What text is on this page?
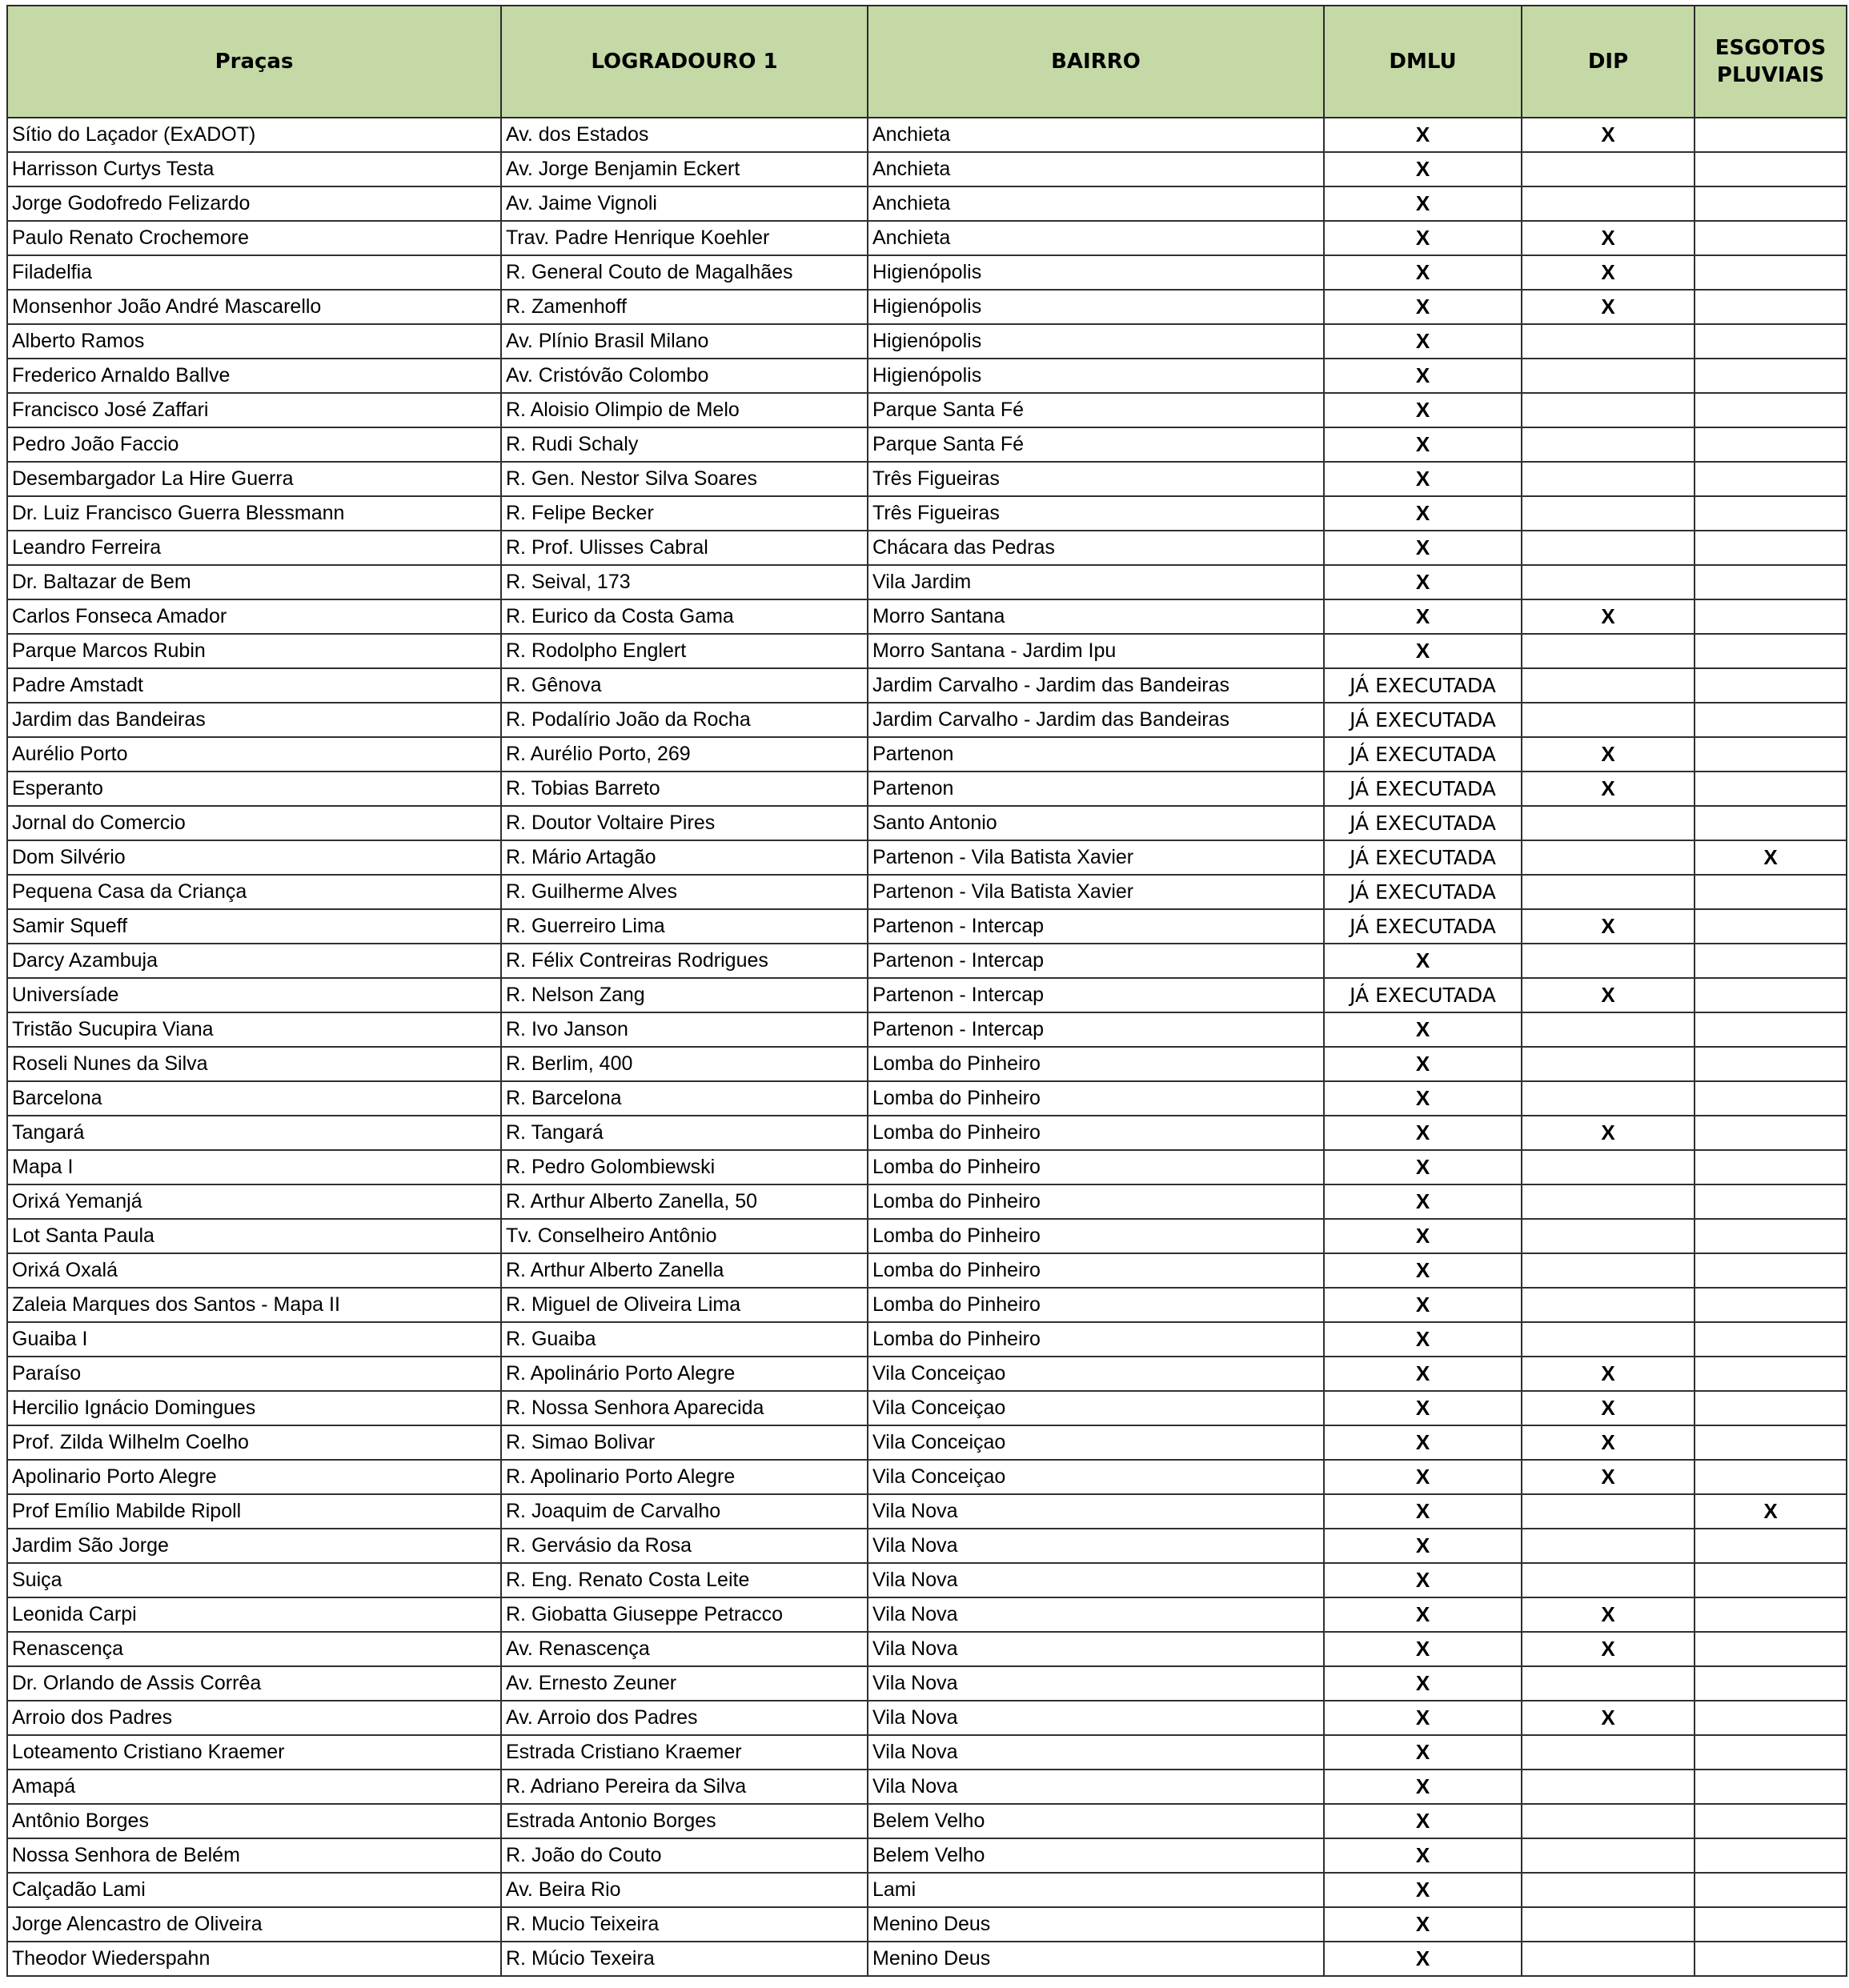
Praças	LOGRADOURO 1	BAIRRO	DMLU	DIP	ESGOTOS PLUVIAIS
Sítio do Laçador (ExADOT)	Av. dos Estados	Anchieta	X	X	
Harrisson Curtys Testa	Av. Jorge Benjamin Eckert	Anchieta	X		
Jorge Godofredo Felizardo	Av. Jaime Vignoli	Anchieta	X		
Paulo Renato Crochemore	Trav. Padre Henrique Koehler	Anchieta	X	X	
Filadelfia	R. General Couto de Magalhães	Higienópolis	X	X	
Monsenhor João André Mascarello	R. Zamenhoff	Higienópolis	X	X	
Alberto Ramos	Av. Plínio Brasil Milano	Higienópolis	X		
Frederico Arnaldo Ballve	Av. Cristóvão Colombo	Higienópolis	X		
Francisco José Zaffari	R. Aloisio Olimpio de Melo	Parque Santa Fé	X		
Pedro João Faccio	R. Rudi Schaly	Parque Santa Fé	X		
Desembargador La Hire Guerra	R. Gen. Nestor Silva Soares	Três Figueiras	X		
Dr. Luiz Francisco Guerra Blessmann	R. Felipe Becker	Três Figueiras	X		
Leandro Ferreira	R. Prof. Ulisses Cabral	Chácara das Pedras	X		
Dr. Baltazar de Bem	R. Seival, 173	Vila Jardim	X		
Carlos Fonseca Amador	R. Eurico da Costa Gama	Morro Santana	X	X	
Parque Marcos Rubin	R. Rodolpho Englert	Morro Santana - Jardim Ipu	X		
Padre Amstadt	R. Gênova	Jardim Carvalho - Jardim das Bandeiras	JÁ EXECUTADA		
Jardim das Bandeiras	R. Podalírio João da Rocha	Jardim Carvalho - Jardim das Bandeiras	JÁ EXECUTADA		
Aurélio Porto	R. Aurélio Porto, 269	Partenon	JÁ EXECUTADA	X	
Esperanto	R. Tobias Barreto	Partenon	JÁ EXECUTADA	X	
Jornal do Comercio	R. Doutor Voltaire Pires	Santo Antonio	JÁ EXECUTADA		
Dom Silvério	R. Mário Artagão	Partenon - Vila Batista Xavier	JÁ EXECUTADA		X
Pequena Casa da Criança	R. Guilherme Alves	Partenon - Vila Batista Xavier	JÁ EXECUTADA		
Samir Squeff	R. Guerreiro Lima	Partenon - Intercap	JÁ EXECUTADA	X	
Darcy Azambuja	R. Félix Contreiras Rodrigues	Partenon - Intercap	X		
Universíade	R. Nelson Zang	Partenon - Intercap	JÁ EXECUTADA	X	
Tristão Sucupira Viana	R. Ivo Janson	Partenon - Intercap	X		
Roseli Nunes da Silva	R. Berlim, 400	Lomba do Pinheiro	X		
Barcelona	R. Barcelona	Lomba do Pinheiro	X		
Tangará	R. Tangará	Lomba do Pinheiro	X	X	
Mapa I	R. Pedro Golombiewski	Lomba do Pinheiro	X		
Orixá Yemanjá	R. Arthur Alberto Zanella, 50	Lomba do Pinheiro	X		
Lot Santa Paula	Tv. Conselheiro Antônio	Lomba do Pinheiro	X		
Orixá Oxalá	R. Arthur Alberto Zanella	Lomba do Pinheiro	X		
Zaleia Marques dos Santos - Mapa II	R. Miguel de Oliveira Lima	Lomba do Pinheiro	X		
Guaiba I	R. Guaiba	Lomba do Pinheiro	X		
Paraíso	R. Apolinário Porto Alegre	Vila Conceiçao	X	X	
Hercilio Ignácio Domingues	R. Nossa Senhora Aparecida	Vila Conceiçao	X	X	
Prof. Zilda Wilhelm Coelho	R. Simao Bolivar	Vila Conceiçao	X	X	
Apolinario Porto Alegre	R. Apolinario Porto Alegre	Vila Conceiçao	X	X	
Prof Emílio Mabilde Ripoll	R. Joaquim de Carvalho	Vila Nova	X		X
Jardim São Jorge	R. Gervásio da Rosa	Vila Nova	X		
Suiça	R. Eng. Renato Costa Leite	Vila Nova	X		
Leonida Carpi	R. Giobatta Giuseppe Petracco	Vila Nova	X	X	
Renascença	Av. Renascença	Vila Nova	X	X	
Dr. Orlando de Assis Corrêa	Av. Ernesto Zeuner	Vila Nova	X		
Arroio dos Padres	Av. Arroio dos Padres	Vila Nova	X	X	
Loteamento Cristiano Kraemer	Estrada Cristiano Kraemer	Vila Nova	X		
Amapá	R. Adriano Pereira da Silva	Vila Nova	X		
Antônio Borges	Estrada Antonio Borges	Belem Velho	X		
Nossa Senhora de Belém	R. João do Couto	Belem Velho	X		
Calçadão Lami	Av. Beira Rio	Lami	X		
Jorge Alencastro de Oliveira	R. Mucio Teixeira	Menino Deus	X		
Theodor Wiederspahn	R. Múcio Texeira	Menino Deus	X		
